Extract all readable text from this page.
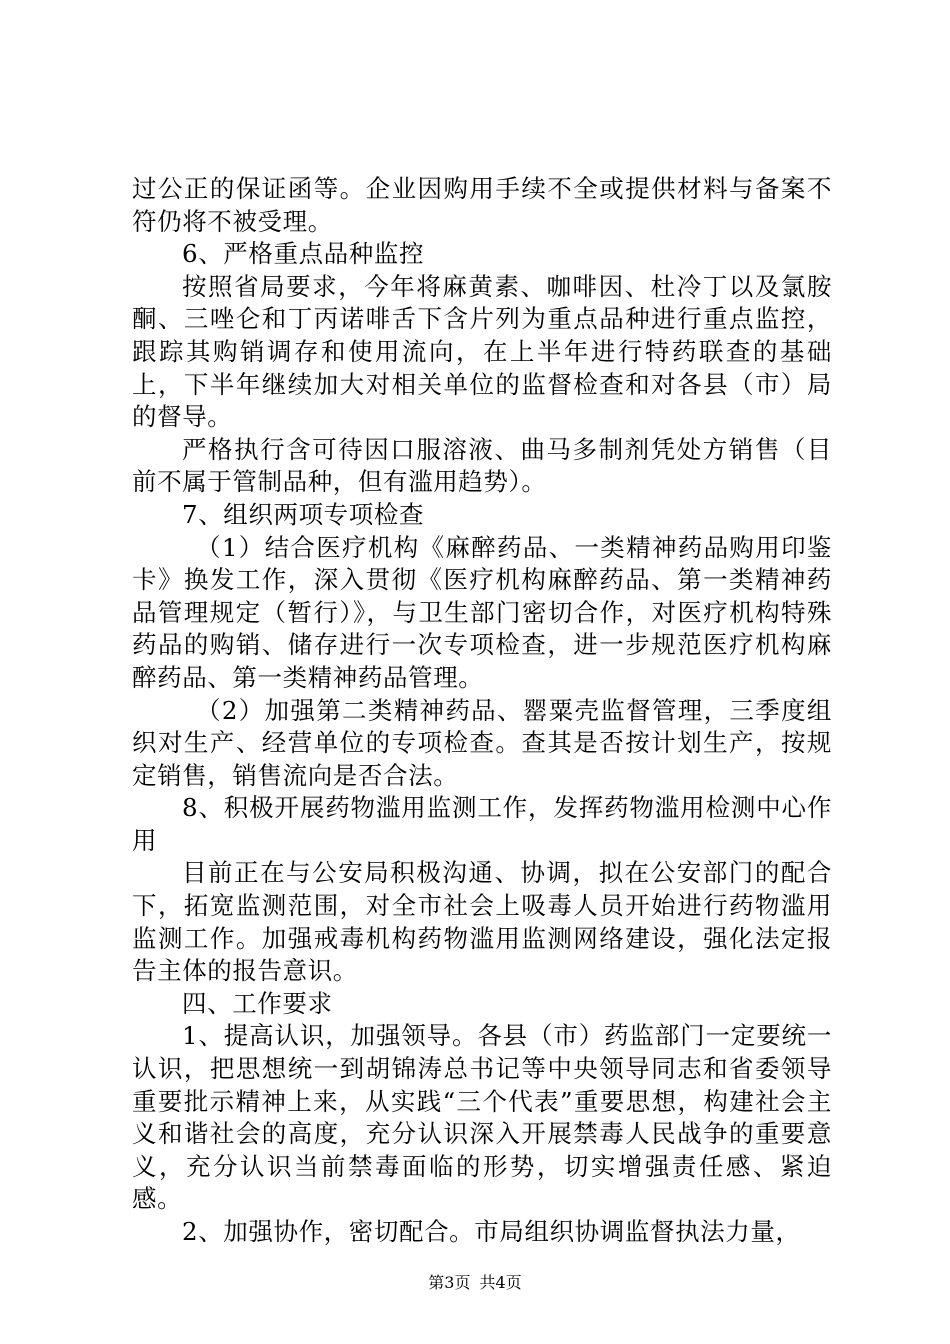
过公正的保证函等。企业因购用手续不全或提供材料与备案不符仍将不被受理。

6、严格重点品种监控

按照省局要求，今年将麻黄素、咖啡因、杜冷丁以及氯胺酮、三唑仑和丁丙诺啡舌下含片列为重点品种进行重点监控，跟踪其购销调存和使用流向，在上半年进行特药联查的基础上，下半年继续加大对相关单位的监督检查和对各县（市）局的督导。

严格执行含可待因口服溶液、曲马多制剂凭处方销售（目前不属于管制品种，但有滥用趋势）。

7、组织两项专项检查

（1）结合医疗机构《麻醉药品、一类精神药品购用印鉴卡》换发工作，深入贯彻《医疗机构麻醉药品、第一类精神药品管理规定（暂行）》，与卫生部门密切合作，对医疗机构特殊药品的购销、储存进行一次专项检查，进一步规范医疗机构麻醉药品、第一类精神药品管理。

（2）加强第二类精神药品、罂粟壳监督管理，三季度组织对生产、经营单位的专项检查。查其是否按计划生产，按规定销售，销售流向是否合法。

8、积极开展药物滥用监测工作，发挥药物滥用检测中心作用

目前正在与公安局积极沟通、协调，拟在公安部门的配合下，拓宽监测范围，对全市社会上吸毒人员开始进行药物滥用监测工作。加强戒毒机构药物滥用监测网络建设，强化法定报告主体的报告意识。

四、工作要求

1、提高认识，加强领导。各县（市）药监部门一定要统一认识，把思想统一到胡锦涛总书记等中央领导同志和省委领导重要批示精神上来，从实践“三个代表”重要思想，构建社会主义和谐社会的高度，充分认识深入开展禁毒人民战争的重要意义，充分认识当前禁毒面临的形势，切实增强责任感、紧迫感。

2、加强协作，密切配合。市局组织协调监督执法力量，

第3页 共4页
